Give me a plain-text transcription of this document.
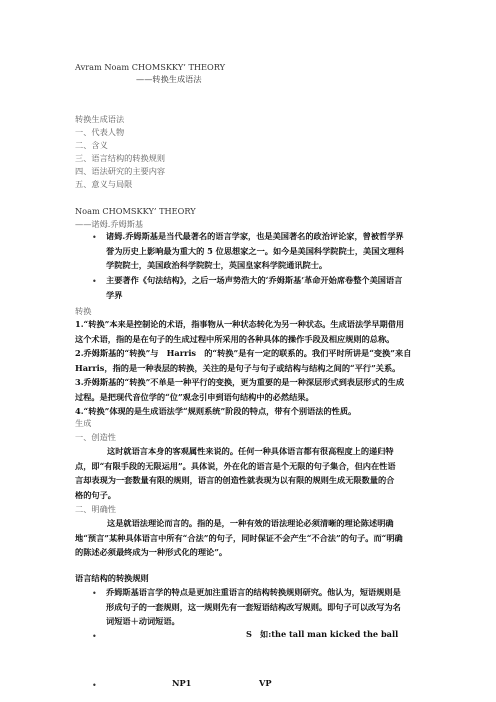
Avram Noam CHOMSKKY’ THEORY
——转换生成语法
转换生成语法
一、代表人物
二、含义
三、语言结构的转换规则
四、语法研究的主要内容
五、意义与局限
Noam CHOMSKKY’ THEORY
——诺姆.乔姆斯基
• 诸姆.乔姆斯基是当代最著名的语言学家，也是美国著名的政治评论家，曾被哲学界
誉为历史上影响最为重大的 5 位思想家之一。如今是美国科学院院士，美国文理科
学院院士，美国政治科学院院士，英国皇家科学院通讯院士。
• 主要著作《句法结构》，之后一场声势浩大的‘乔姆斯基’革命开始席卷整个美国语言
学界
转换
1.“转换”本来是控制论的术语，指事物从一种状态转化为另一种状态。生成语法学早期借用
这个术语，指的是在句子的生成过程中所采用的各种具体的操作手段及相应规则的总称。
2.乔姆斯基的“转换”与　Harris　的“转换”是有一定的联系的。我们平时所讲是“变换”来自
Harris，指的是一种表层的转换，关注的是句子与句子或结构与结构之间的“平行”关系。
3.乔姆斯基的“转换”不单是一种平行的变换，更为重要的是一种深层形式到表层形式的生成
过程。是把现代音位学的“位”观念引申到语句结构中的必然结果。
4.“转换”体现的是生成语法学“规则系统”阶段的特点，带有个别语法的性质。
生成
一、创造性
这时就语言本身的客观属性来说的。任何一种具体语言都有很高程度上的递归特
点，即“有限手段的无限运用”。具体说，外在化的语言是个无限的句子集合，但内在性语
言却表现为一套数量有限的规则，语言的创造性就表现为以有限的规则生成无限数量的合
格的句子。
二、明确性
这是就语法理论而言的。指的是，一种有效的语法理论必须清晰的理论陈述明确
地“预言”某种具体语言中所有“合法”的句子，同时保证不会产生“不合法”的句子。而“明确
的陈述必须最终成为一种形式化的理论”。
语言结构的转换规则
• 乔姆斯基语言学的特点是更加注重语言的结构转换规则研究。他认为，短语规则是
形成句子的一套规则，这一规则先有一套短语结构改写规则。即句子可以改写为名
词短语＋动词短语。
•	S 如:the tall man kicked the ball
•	NP1	VP
